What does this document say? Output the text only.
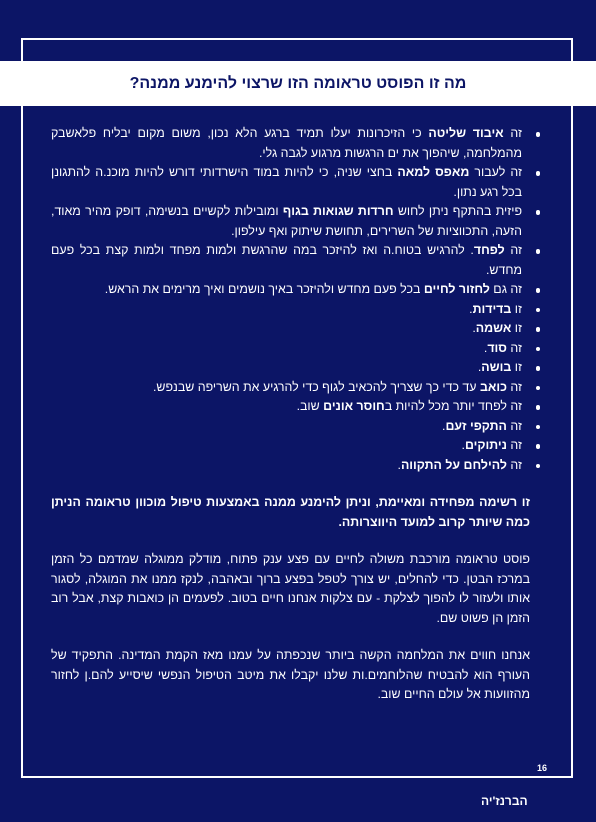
מה זו הפוסט טראומה הזו שרצוי להימנע ממנה?
זה איבוד שליטה כי הזיכרונות יעלו תמיד ברגע הלא נכון, משום מקום יבליח פלאשבק מהמלחמה, שיהפוך את ים הרגשות מרגוע לגבה גלי.
זה לעבור מאפס למאה בחצי שניה, כי להיות במוד הישרדותי דורש להיות מוכנ.ה להתגונן בכל רגע נתון.
פיזית בהתקף ניתן לחוש חרדות שגואות בגוף ומובילות לקשיים בנשימה, דופק מהיר מאוד, הזעה, התכווציות של השרירים, תחושת שיתוק ואף עילפון.
זה לפחד. להרגיש בטוח.ה ואז להיזכר במה שהרגשת ולמות מפחד ולמות קצת בכל פעם מחדש.
זה גם לחזור לחיים בכל פעם מחדש ולהיזכר באיך נושמים ואיך מרימים את הראש.
זו בדידות.
זו אשמה.
זה סוד.
זו בושה.
זה כואב עד כדי כך שצריך להכאיב לגוף כדי להרגיע את השריפה שבנפש.
זה לפחד יותר מכל להיות בחוסר אונים שוב.
זה התקפי זעם.
זה ניתוקים.
זה להילחם על התקווה.

זו רשימה מפחידה ומאיימת, וניתן להימנע ממנה באמצעות טיפול מוכוון טראומה הניתן כמה שיותר קרוב למועד היווצרותה.

פוסט טראומה מורכבת משולה לחיים עם פצע ענק פתוח, מודלק ממוגלה שמדמם כל הזמן במרכז הבטן. כדי להחלים, יש צורך לטפל בפצע ברוך ובאהבה, לנקז ממנו את המוגלה, לסגור אותו ולעזור לו להפוך לצלקת - עם צלקות אנחנו חיים בטוב. לפעמים הן כואבות קצת, אבל רוב הזמן הן פשוט שם.

אנחנו חווים את המלחמה הקשה ביותר שנכפתה על עמנו מאז הקמת המדינה. התפקיד של העורף הוא להבטיח שהלוחמים.ות שלנו יקבלו את מיטב הטיפול הנפשי שיסייע להם.ן לחזור מהזוועות אל עולם החיים שוב.

16
הברנז'יה
